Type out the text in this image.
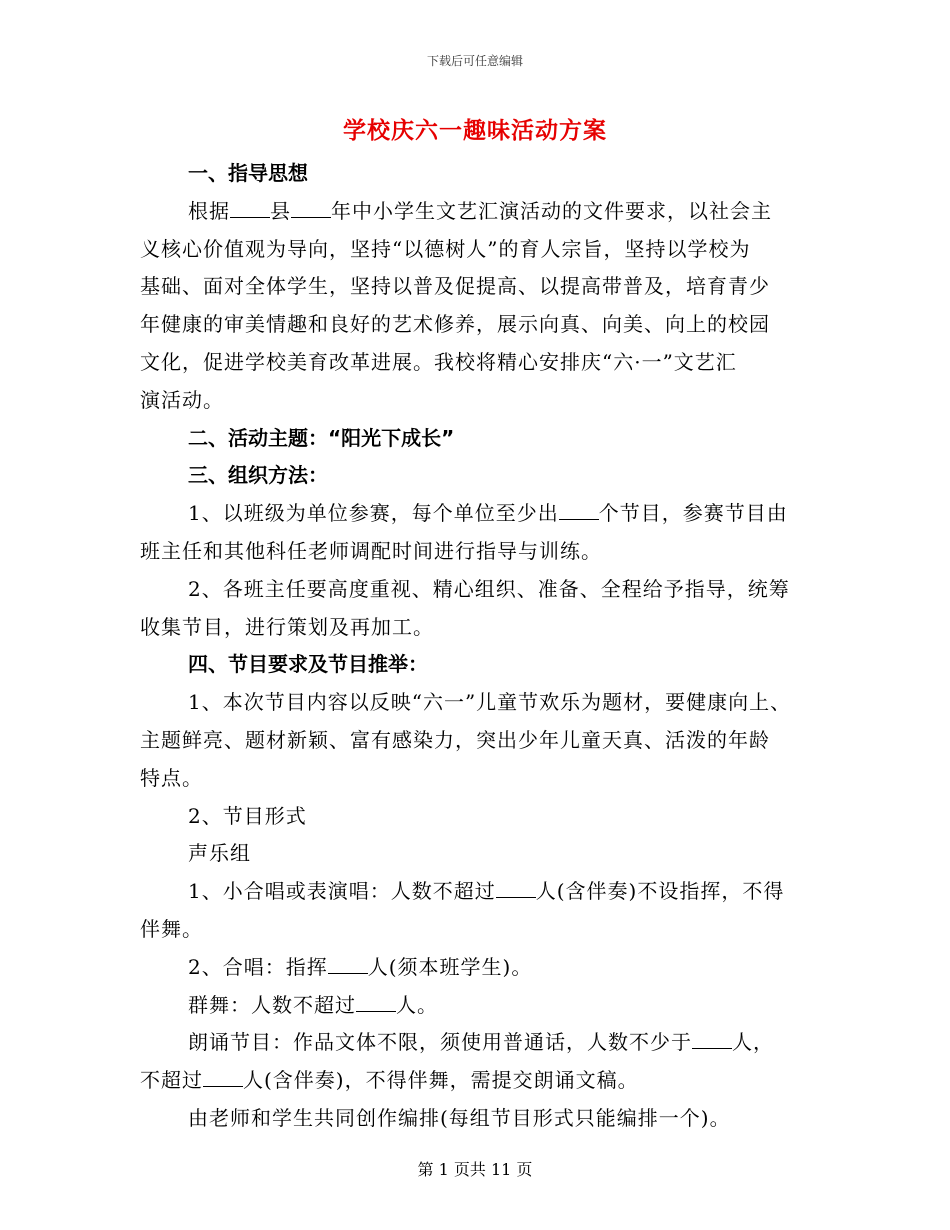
下载后可任意编辑
学校庆六一趣味活动方案

一、指导思想

根据 县 年中小学生文艺汇演活动的文件要求，以社会主
义核心价值观为导向，坚持“以德树人”的育人宗旨，坚持以学校为
基础、面对全体学生，坚持以普及促提高、以提高带普及，培育青少
年健康的审美情趣和良好的艺术修养，展示向真、向美、向上的校园
文化，促进学校美育改革进展。我校将精心安排庆“六·一”文艺汇
演活动。

二、活动主题：“阳光下成长”

三、组织方法：

1、以班级为单位参赛，每个单位至少出 个节目，参赛节目由
班主任和其他科任老师调配时间进行指导与训练。
2、各班主任要高度重视、精心组织、准备、全程给予指导，统筹
收集节目，进行策划及再加工。

四、节目要求及节目推举：

1、本次节目内容以反映“六一”儿童节欢乐为题材，要健康向上、
主题鲜亮、题材新颖、富有感染力，突出少年儿童天真、活泼的年龄
特点。
2、节目形式
声乐组
1、小合唱或表演唱：人数不超过 人(含伴奏)不设指挥，不得
伴舞。
2、合唱：指挥 人(须本班学生)。
群舞：人数不超过 人。
朗诵节目：作品文体不限，须使用普通话，人数不少于 人，
不超过 人(含伴奏)，不得伴舞，需提交朗诵文稿。
由老师和学生共同创作编排(每组节目形式只能编排一个)。
第 1 页共 11 页
